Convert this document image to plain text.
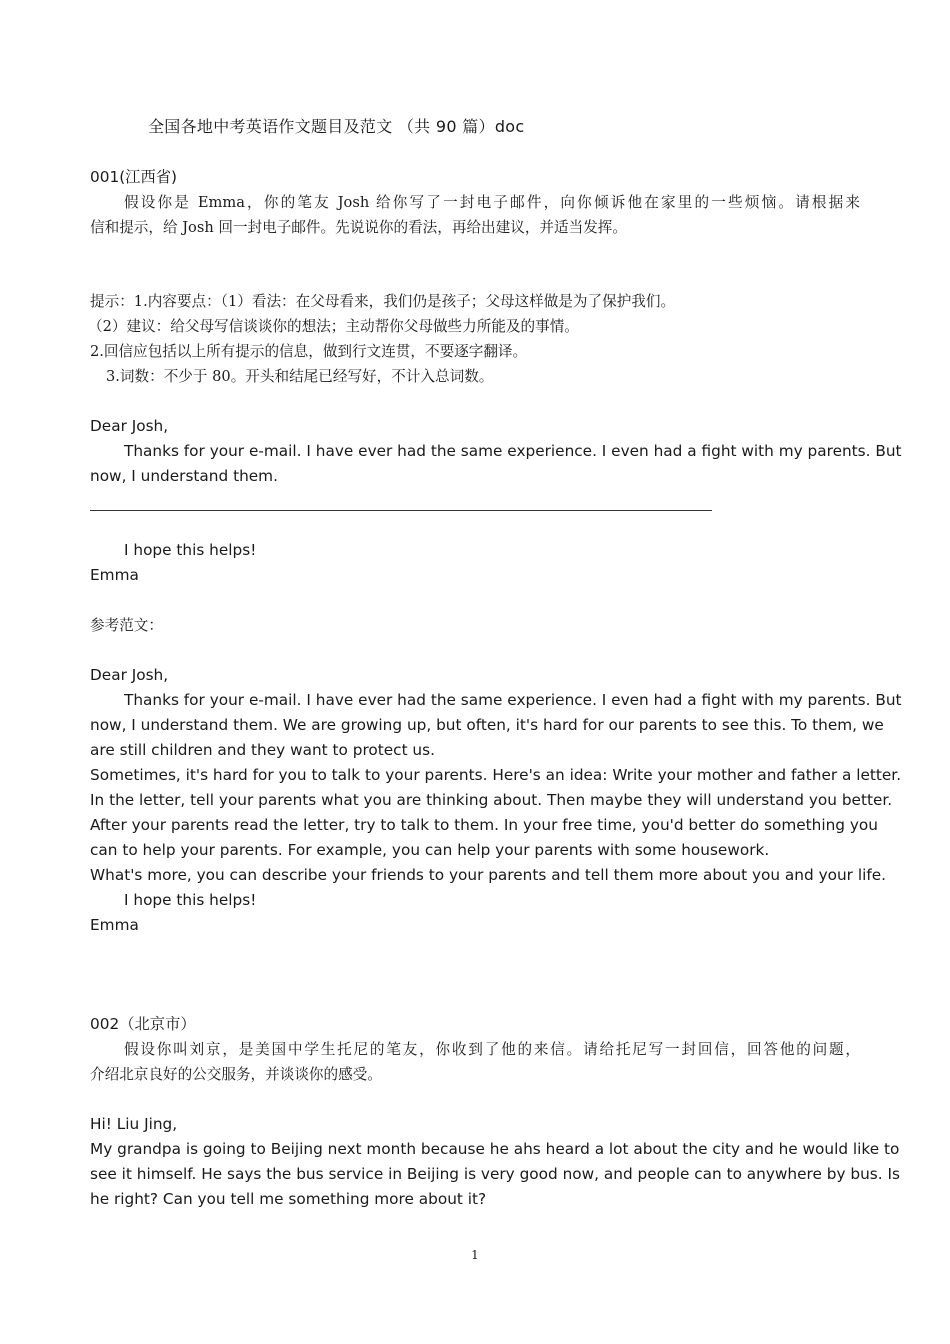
全国各地中考英语作文题目及范文 （共 90 篇）doc
001(江西省)
假设你是 Emma，你的笔友 Josh 给你写了一封电子邮件，向你倾诉他在家里的一些烦恼。请根据来
信和提示，给 Josh 回一封电子邮件。先说说你的看法，再给出建议，并适当发挥。
提示：1.内容要点：（1）看法：在父母看来，我们仍是孩子；父母这样做是为了保护我们。
（2）建议：给父母写信谈谈你的想法；主动帮你父母做些力所能及的事情。
2.回信应包括以上所有提示的信息，做到行文连贯，不要逐字翻译。
3.词数：不少于 80。开头和结尾已经写好，不计入总词数。
Dear Josh,
Thanks for your e-mail. I have ever had the same experience. I even had a fight with my parents. But
now, I understand them.
I hope this helps!
Emma
参考范文：
Dear Josh,
Thanks for your e-mail. I have ever had the same experience. I even had a fight with my parents. But
now, I understand them. We are growing up, but often, it's hard for our parents to see this. To them, we
are still children and they want to protect us.
Sometimes, it's hard for you to talk to your parents. Here's an idea: Write your mother and father a letter.
In the letter, tell your parents what you are thinking about. Then maybe they will understand you better.
After your parents read the letter, try to talk to them. In your free time, you'd better do something you
can to help your parents. For example, you can help your parents with some housework.
What's more, you can describe your friends to your parents and tell them more about you and your life.
I hope this helps!
Emma
002（北京市）
假设你叫刘京，是美国中学生托尼的笔友，你收到了他的来信。请给托尼写一封回信，回答他的问题，
介绍北京良好的公交服务，并谈谈你的感受。
Hi! Liu Jing,
My grandpa is going to Beijing next month because he ahs heard a lot about the city and he would like to
see it himself. He says the bus service in Beijing is very good now, and people can to anywhere by bus. Is
he right? Can you tell me something more about it?
1
